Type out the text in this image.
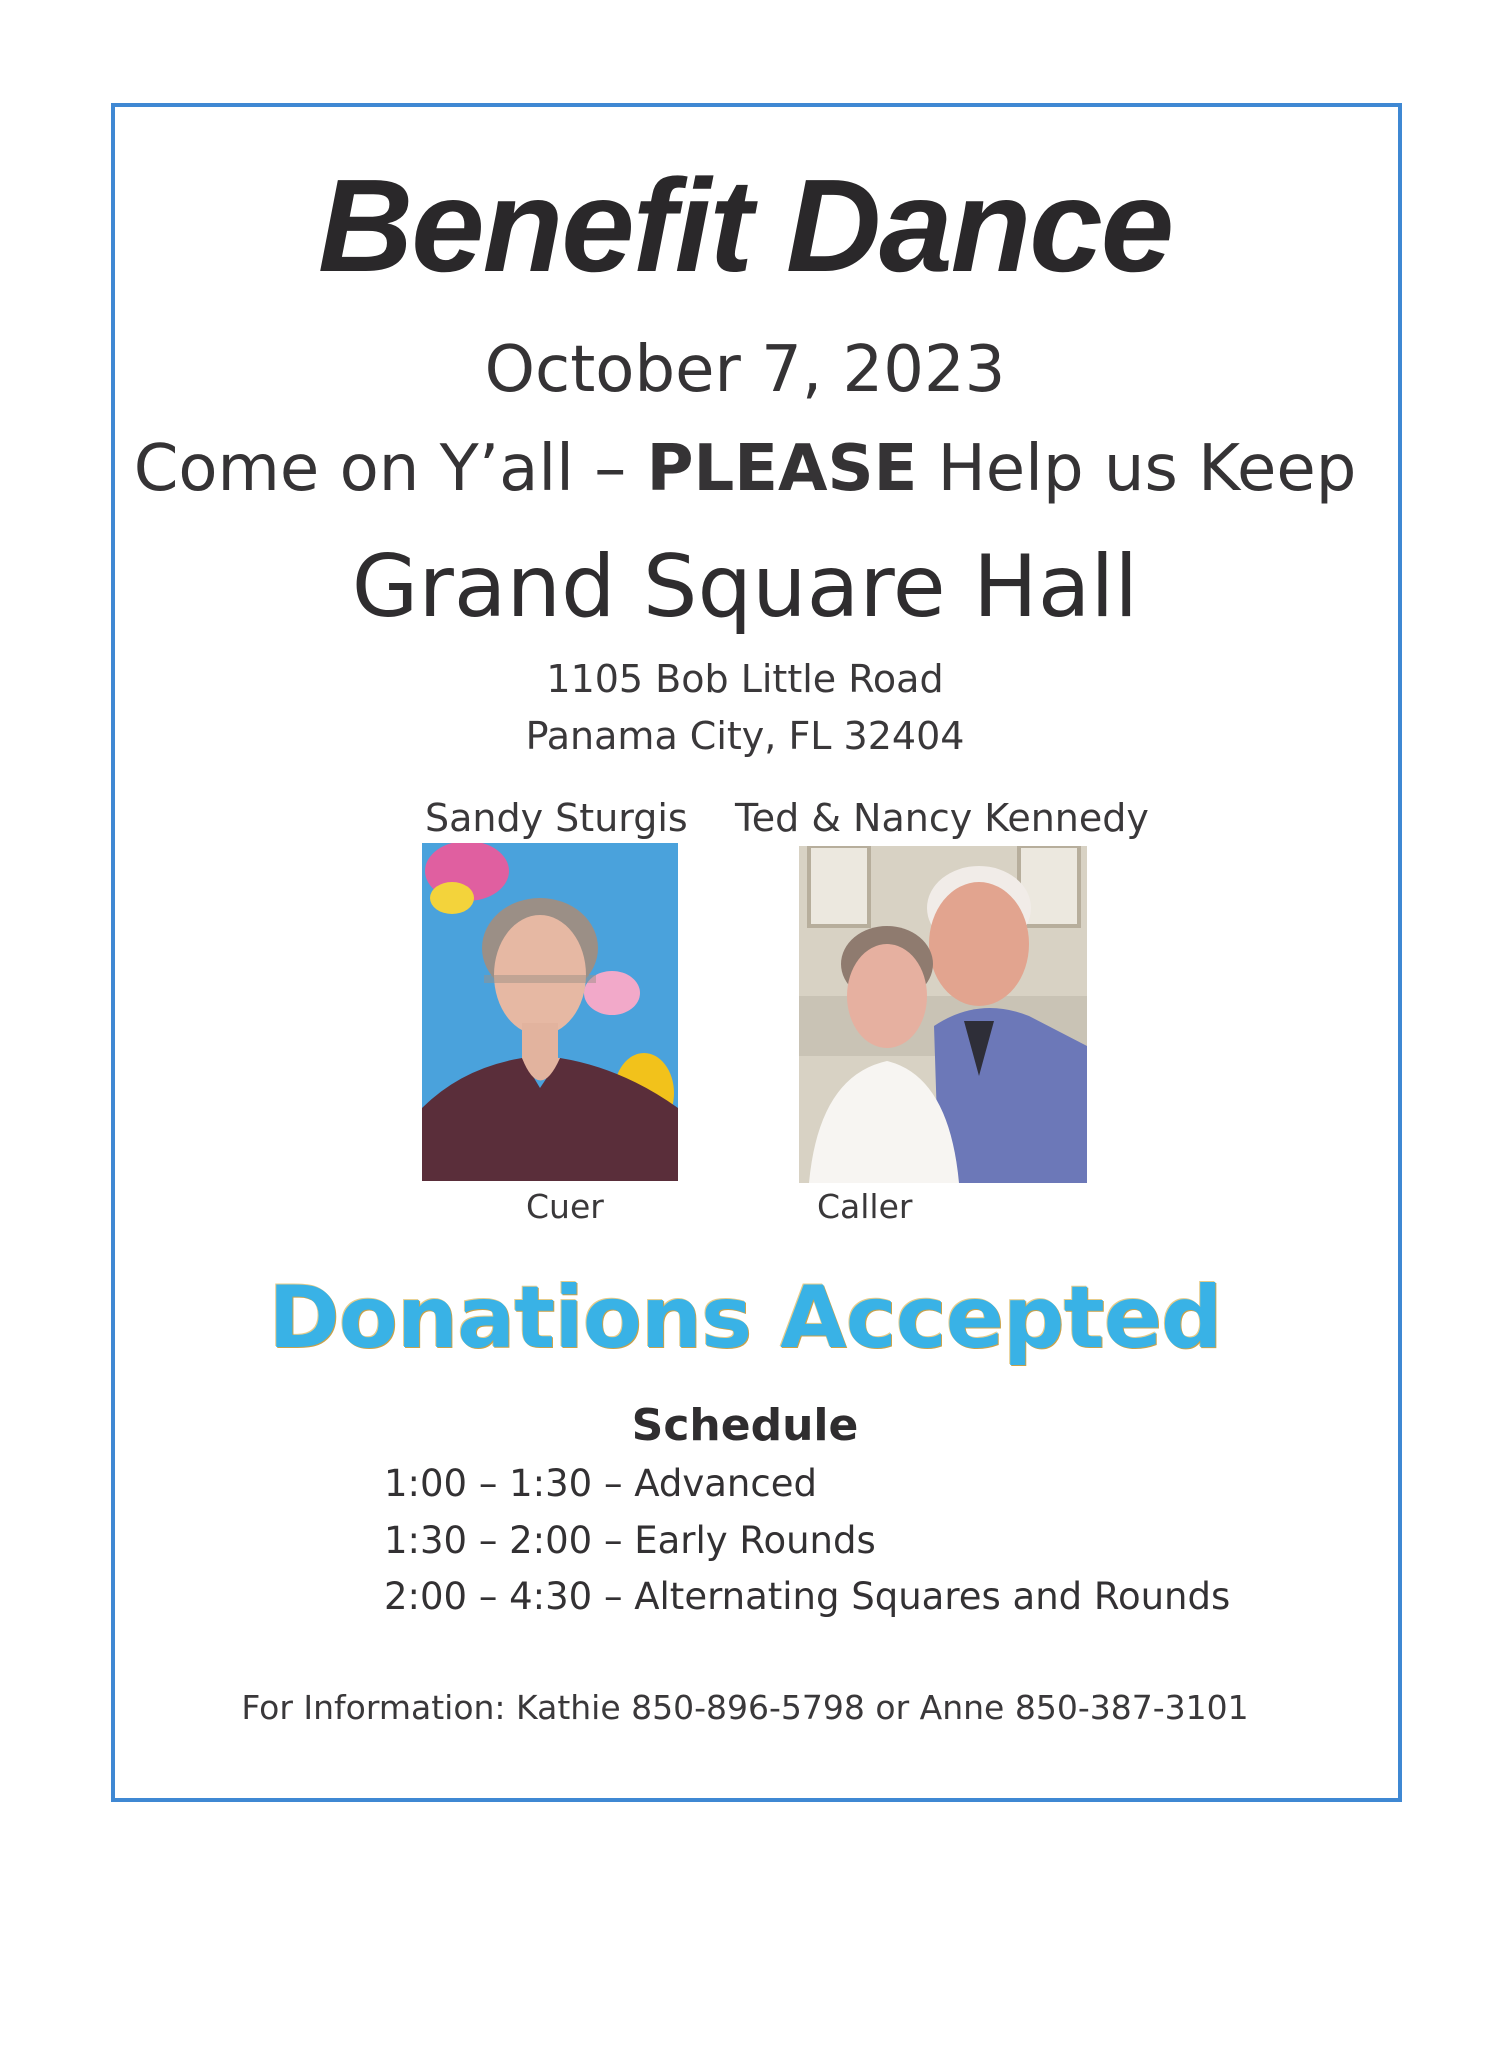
Benefit Dance
October 7, 2023
Come on Y’all – PLEASE Help us Keep
Grand Square Hall
1105 Bob Little Road
Panama City, FL 32404
Sandy Sturgis Ted & Nancy Kennedy
Cuer	Caller
Donations Accepted
Schedule
1:00 – 1:30 – Advanced
1:30 – 2:00 – Early Rounds
2:00 – 4:30 – Alternating Squares and Rounds
For Information: Kathie 850-896-5798 or Anne 850-387-3101
